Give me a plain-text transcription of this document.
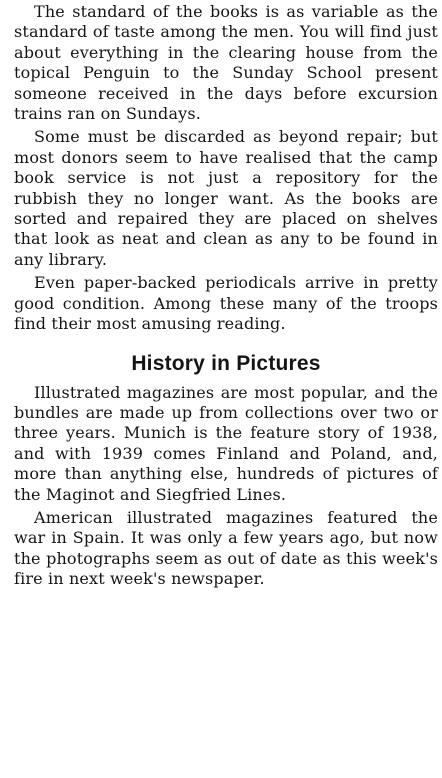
The standard of the books is as variable as the standard of taste among the men. You will find just about everything in the clearing house from the topical Penguin to the Sunday School present someone received in the days before excursion trains ran on Sundays.

Some must be discarded as beyond repair; but most donors seem to have realised that the camp book service is not just a repository for the rubbish they no longer want. As the books are sorted and repaired they are placed on shelves that look as neat and clean as any to be found in any library.

Even paper-backed periodicals arrive in pretty good condition. Among these many of the troops find their most amusing reading.

History in Pictures

Illustrated magazines are most popular, and the bundles are made up from collections over two or three years. Munich is the feature story of 1938, and with 1939 comes Finland and Poland, and, more than anything else, hundreds of pictures of the Maginot and Siegfried Lines.

American illustrated magazines featured the war in Spain. It was only a few years ago, but now the photographs seem as out of date as this week's fire in next week's newspaper.
